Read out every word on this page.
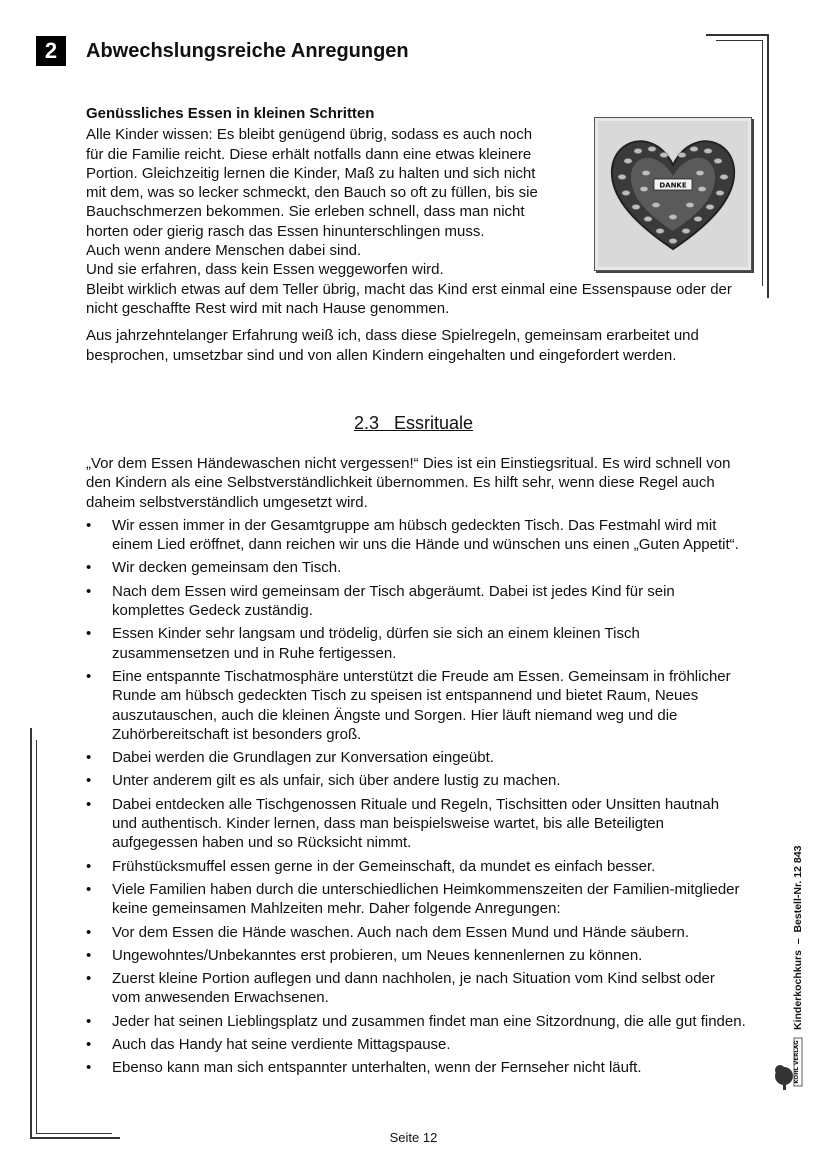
2	Abwechslungsreiche Anregungen
Genüssliches Essen in kleinen Schritten
DANKE
Alle Kinder wissen: Es bleibt genügend übrig, sodass es auch noch
für die Familie reicht. Diese erhält notfalls dann eine etwas kleinere
Portion. Gleichzeitig lernen die Kinder, Maß zu halten und sich nicht
mit dem, was so lecker schmeckt, den Bauch so oft zu füllen, bis sie
Bauchschmerzen bekommen. Sie erleben schnell, dass man nicht
horten oder gierig rasch das Essen hinunterschlingen muss.
Auch wenn andere Menschen dabei sind.
Und sie erfahren, dass kein Essen weggeworfen wird.

Bleibt wirklich etwas auf dem Teller übrig, macht das Kind erst einmal eine Essenspause oder der nicht geschaffte Rest wird mit nach Hause genommen.

Aus jahrzehntelanger Erfahrung weiß ich, dass diese Spielregeln, gemeinsam erarbeitet und besprochen, umsetzbar sind und von allen Kindern eingehalten und eingefordert werden.

2.3   Essrituale

„Vor dem Essen Händewaschen nicht vergessen!“ Dies ist ein Einstiegsritual. Es wird schnell von den Kindern als eine Selbstverständlichkeit übernommen. Es hilft sehr, wenn diese Regel auch daheim selbstverständlich umgesetzt wird.

• Wir essen immer in der Gesamtgruppe am hübsch gedeckten Tisch. Das Festmahl wird mit einem Lied eröffnet, dann reichen wir uns die Hände und wünschen uns einen „Guten Appetit“.
• Wir decken gemeinsam den Tisch.
• Nach dem Essen wird gemeinsam der Tisch abgeräumt. Dabei ist jedes Kind für sein komplettes Gedeck zuständig.
• Essen Kinder sehr langsam und trödelig, dürfen sie sich an einem kleinen Tisch zusammensetzen und in Ruhe fertigessen.
• Eine entspannte Tischatmosphäre unterstützt die Freude am Essen. Gemeinsam in fröhlicher Runde am hübsch gedeckten Tisch zu speisen ist entspannend und bietet Raum, Neues auszutauschen, auch die kleinen Ängste und Sorgen. Hier läuft niemand weg und die Zuhörbereitschaft ist besonders groß.
• Dabei werden die Grundlagen zur Konversation eingeübt.
• Unter anderem gilt es als unfair, sich über andere lustig zu machen.
• Dabei entdecken alle Tischgenossen Rituale und Regeln, Tischsitten oder Unsitten hautnah und authentisch. Kinder lernen, dass man beispielsweise wartet, bis alle Beteiligten aufgegessen haben und so Rücksicht nimmt.
• Frühstücksmuffel essen gerne in der Gemeinschaft, da mundet es einfach besser.
• Viele Familien haben durch die unterschiedlichen Heimkommenszeiten der Familien-mitglieder keine gemeinsamen Mahlzeiten mehr. Daher folgende Anregungen:
• Vor dem Essen die Hände waschen. Auch nach dem Essen Mund und Hände säubern.
• Ungewohntes/Unbekanntes erst probieren, um Neues kennenlernen zu können.
• Zuerst kleine Portion auflegen und dann nachholen, je nach Situation vom Kind selbst oder vom anwesenden Erwachsenen.
• Jeder hat seinen Lieblingsplatz und zusammen findet man eine Sitzordnung, die alle gut finden.
• Auch das Handy hat seine verdiente Mittagspause.
• Ebenso kann man sich entspannter unterhalten, wenn der Fernseher nicht läuft.
Kinderkochkurs  –  Bestell-Nr. 12 843
KOHL VERLAG
Seite 12
